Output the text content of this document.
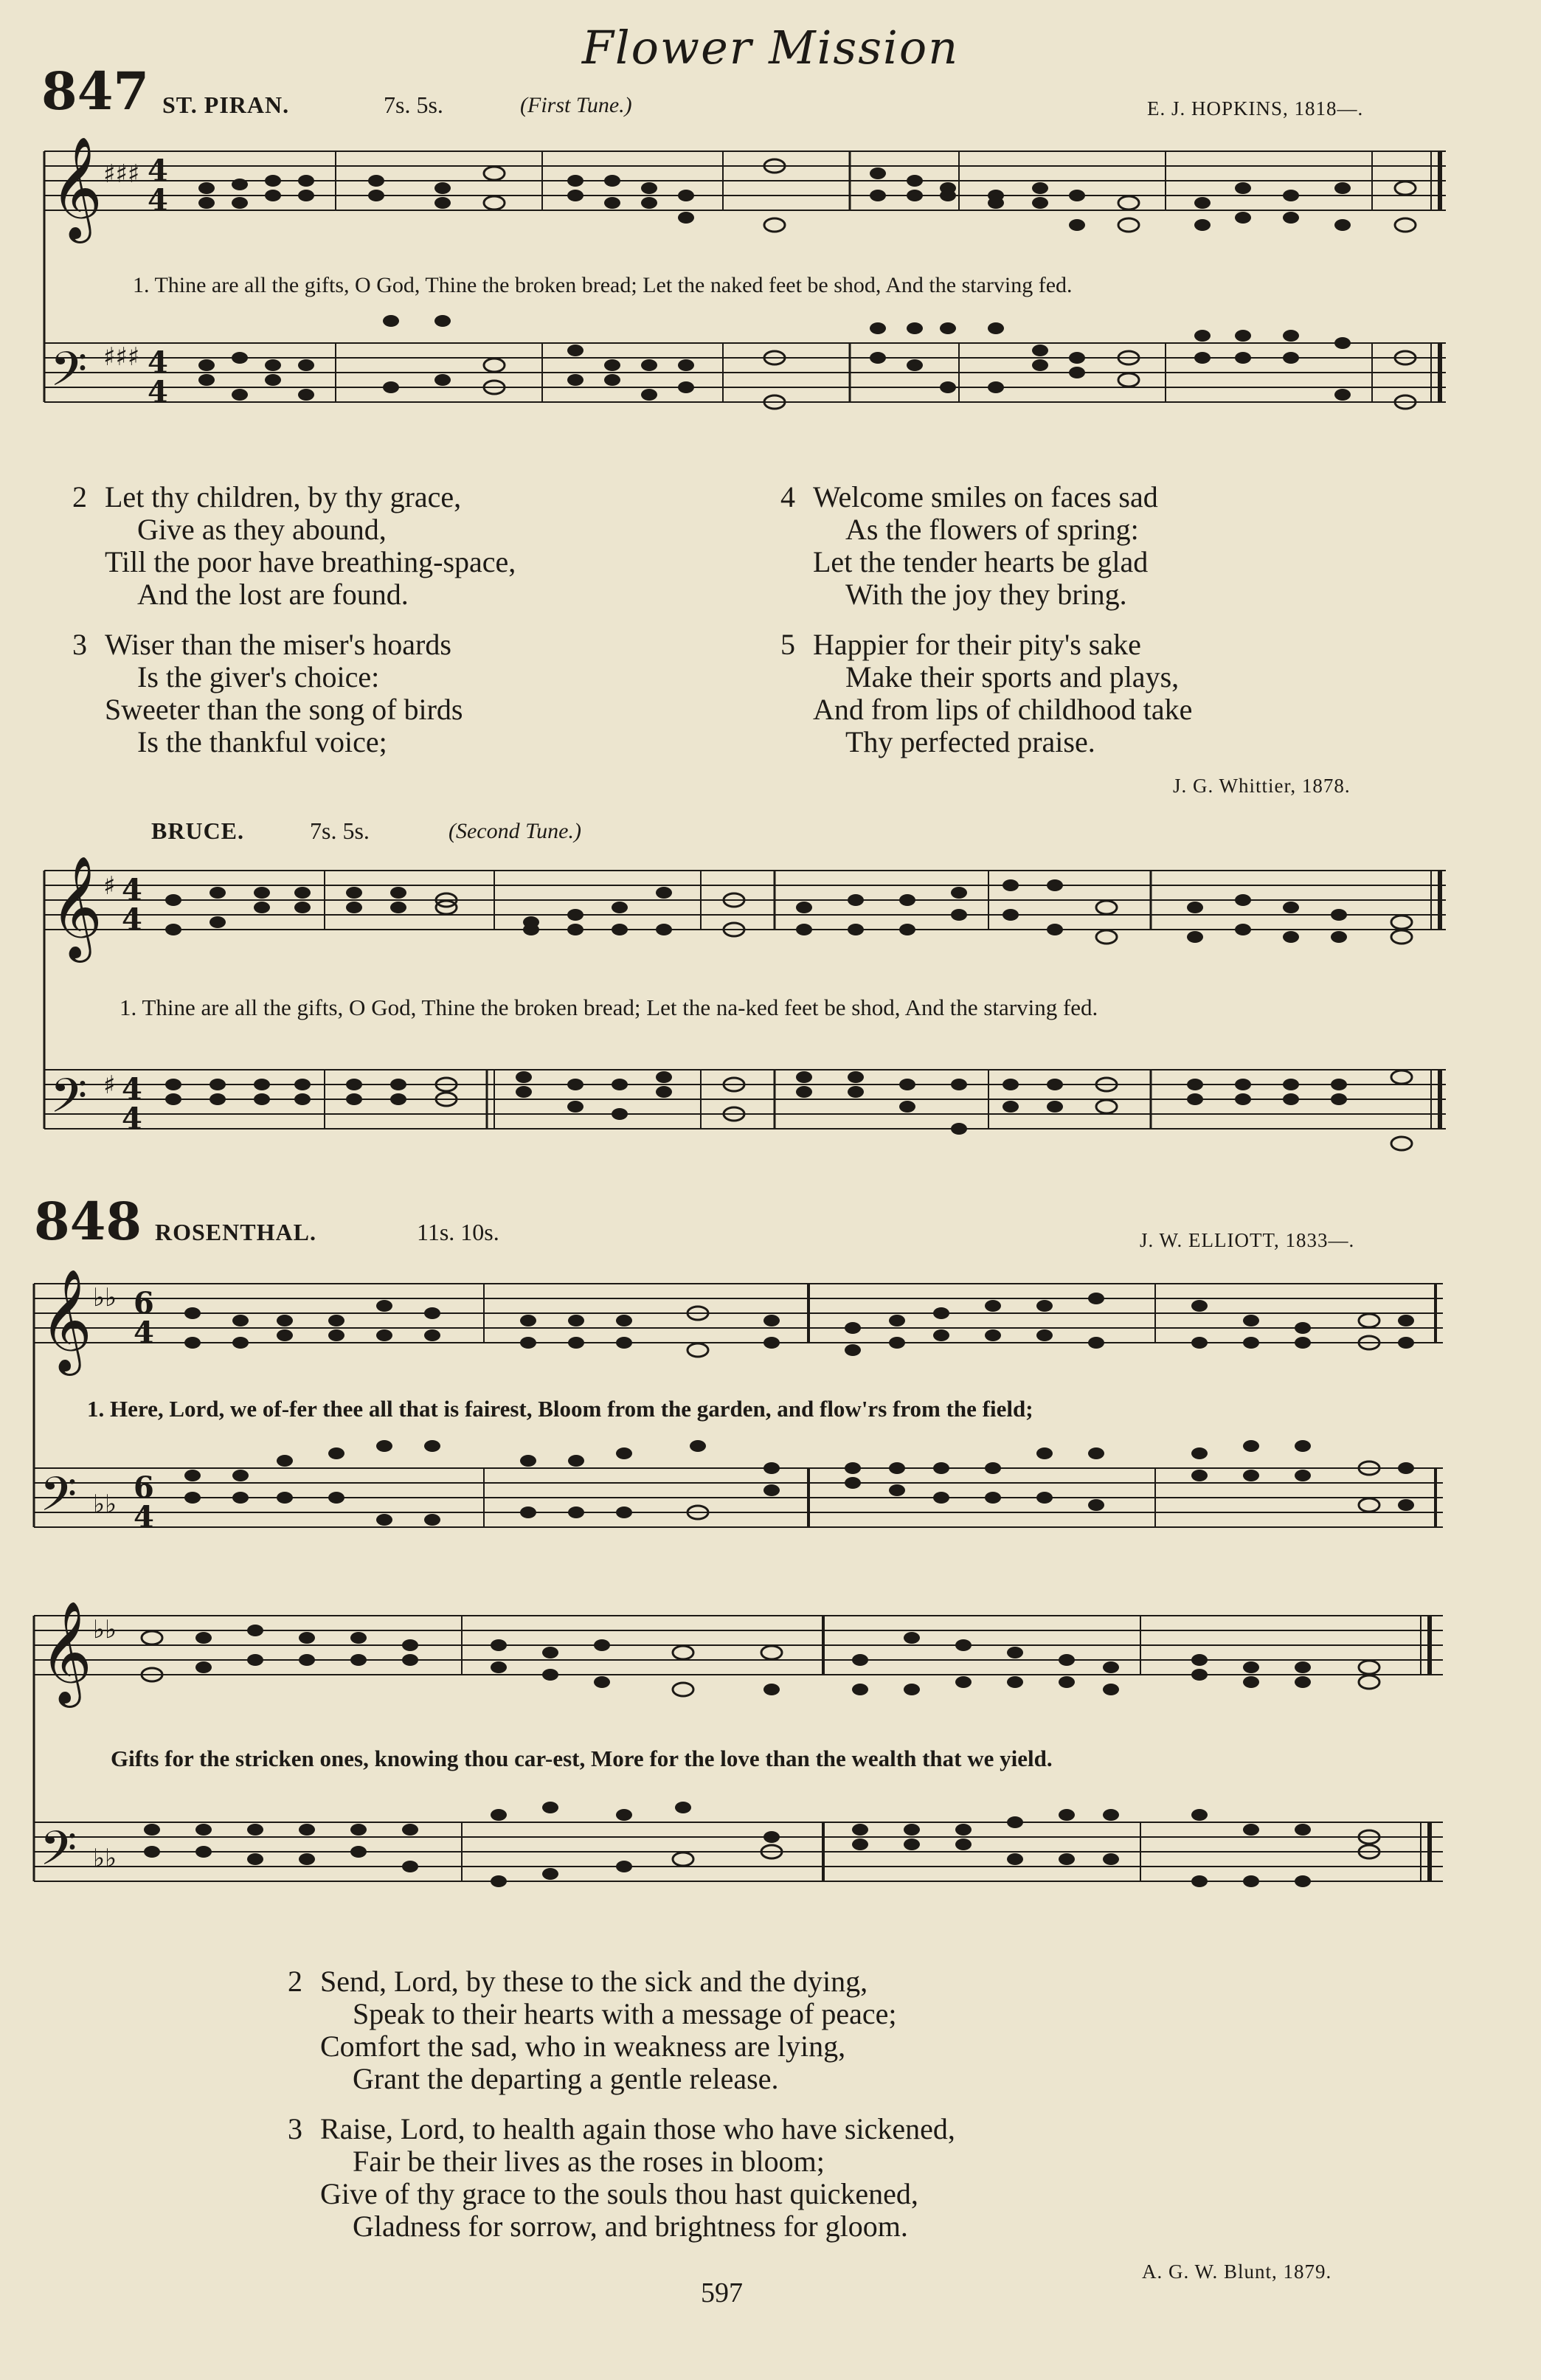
Flower Mission
847 ST. PIRAN.	7s. 5s.	(First Tune.)	E. J. HOPKINS, 1818—.
𝄞
𝄢
♯♯♯
♯♯♯
4
4
4
4
1. Thine are all the gifts, O God, Thine the broken bread; Let the naked feet be shod, And the starving fed.
2 Let thy children, by thy grace,
Give as they abound,
Till the poor have breathing-space,
And the lost are found.
3 Wiser than the miser's hoards
Is the giver's choice:
Sweeter than the song of birds
Is the thankful voice;
4 Welcome smiles on faces sad
As the flowers of spring:
Let the tender hearts be glad
With the joy they bring.
5 Happier for their pity's sake
Make their sports and plays,
And from lips of childhood take
Thy perfected praise.
J. G. Whittier, 1878.
BRUCE.	7s. 5s.	(Second Tune.)
𝄞
𝄢
♯
♯
4
4
4
4
1. Thine are all the gifts, O God, Thine the broken bread; Let the na-ked feet be shod, And the starving fed.
848 ROSENTHAL.	11s. 10s.	J. W. ELLIOTT, 1833—.
𝄞
𝄢
♭♭
♭♭
6
4
6
4
1. Here, Lord, we of-fer thee all that is fairest, Bloom from the garden, and flow'rs from the field;
𝄞
𝄢
♭♭
♭♭
Gifts for the stricken ones, knowing thou car-est, More for the love than the wealth that we yield.
2 Send, Lord, by these to the sick and the dying,
Speak to their hearts with a message of peace;
Comfort the sad, who in weakness are lying,
Grant the departing a gentle release.
3 Raise, Lord, to health again those who have sickened,
Fair be their lives as the roses in bloom;
Give of thy grace to the souls thou hast quickened,
Gladness for sorrow, and brightness for gloom.
A. G. W. Blunt, 1879.
597
